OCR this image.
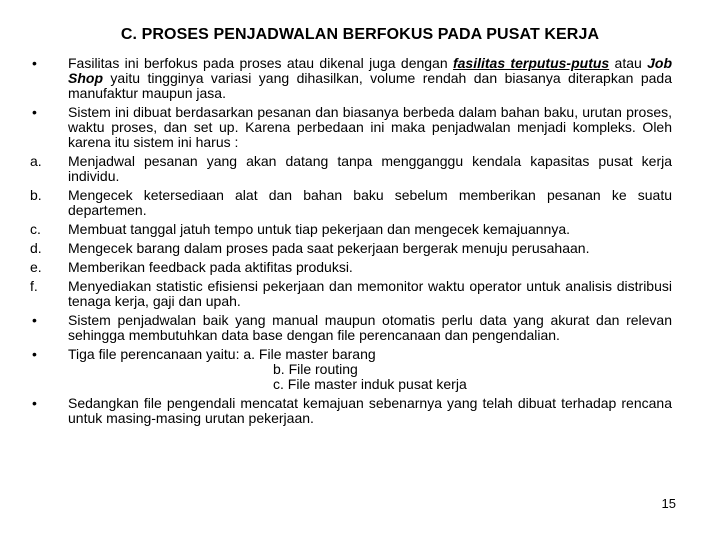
C. PROSES PENJADWALAN BERFOKUS PADA PUSAT KERJA
•	Fasilitas ini berfokus pada proses atau dikenal juga dengan fasilitas terputus-putus atau Job Shop yaitu tingginya variasi yang dihasilkan, volume rendah dan biasanya diterapkan pada manufaktur maupun jasa.
•	Sistem ini dibuat berdasarkan pesanan dan biasanya berbeda dalam bahan baku, urutan proses, waktu proses, dan set up. Karena perbedaan ini maka penjadwalan menjadi kompleks. Oleh karena itu sistem ini harus :
a.	Menjadwal pesanan yang akan datang tanpa mengganggu kendala kapasitas pusat kerja individu.
b.	Mengecek ketersediaan alat dan bahan baku sebelum memberikan pesanan ke suatu departemen.
c.	Membuat tanggal jatuh tempo untuk tiap pekerjaan dan mengecek kemajuannya.
d.	Mengecek barang dalam proses pada saat pekerjaan bergerak menuju perusahaan.
e.	Memberikan feedback pada aktifitas produksi.
f.	Menyediakan statistic efisiensi pekerjaan dan memonitor waktu operator untuk analisis distribusi tenaga kerja, gaji dan upah.
•	Sistem penjadwalan baik yang manual maupun otomatis perlu data yang akurat dan relevan sehingga membutuhkan data base dengan file perencanaan dan pengendalian.
•	Tiga file perencanaan yaitu: a. File master barang
b. File routing
c. File master induk pusat kerja
•	Sedangkan file pengendali mencatat kemajuan sebenarnya yang telah dibuat terhadap rencana untuk masing-masing urutan pekerjaan.
15
